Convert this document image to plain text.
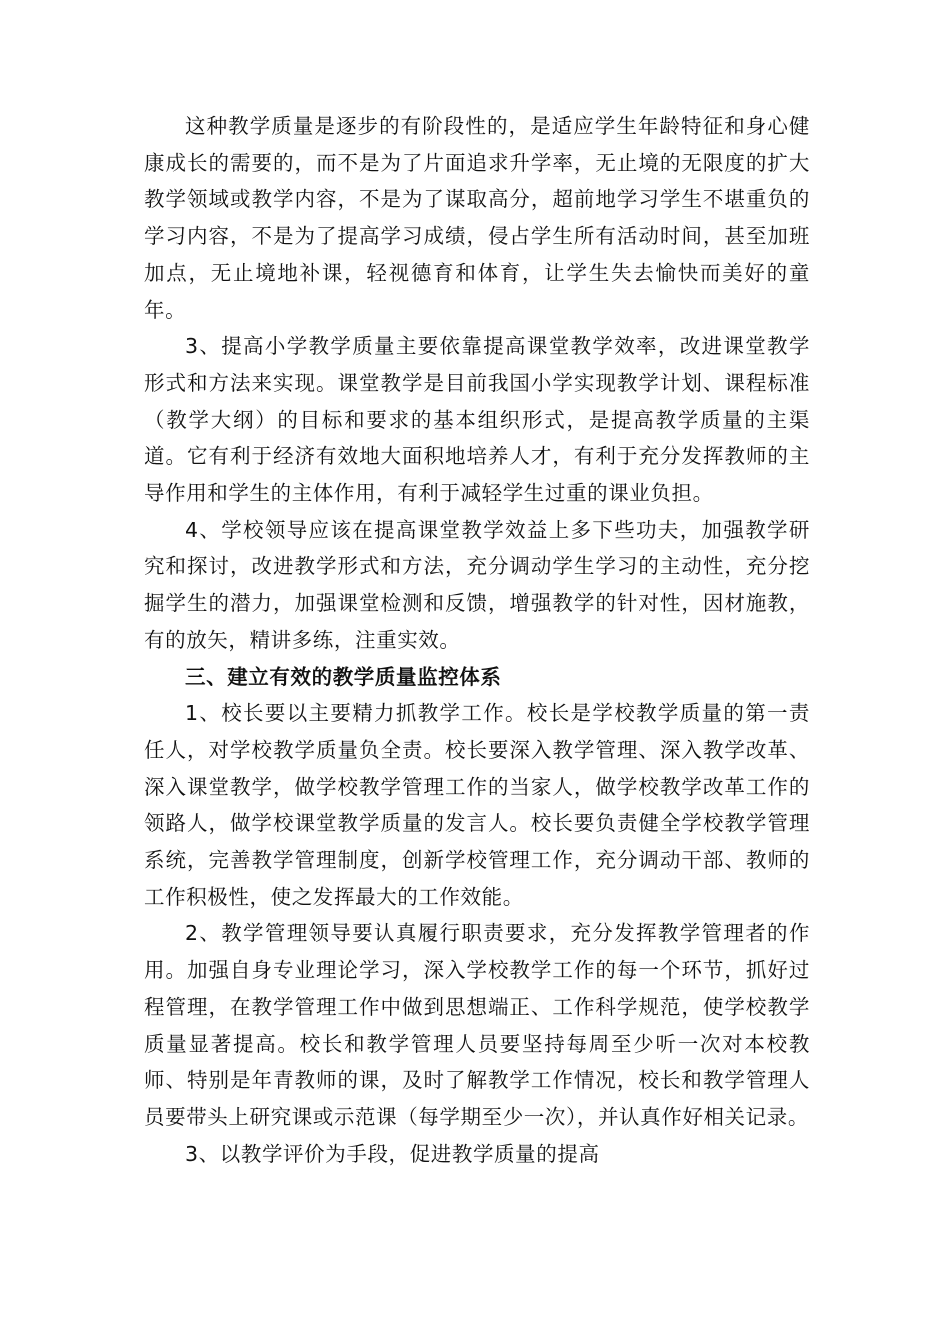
这种教学质量是逐步的有阶段性的，是适应学生年龄特征和身心健康成长的需要的，而不是为了片面追求升学率，无止境的无限度的扩大教学领域或教学内容，不是为了谋取高分，超前地学习学生不堪重负的学习内容，不是为了提高学习成绩，侵占学生所有活动时间，甚至加班加点，无止境地补课，轻视德育和体育，让学生失去愉快而美好的童年。

3、提高小学教学质量主要依靠提高课堂教学效率，改进课堂教学形式和方法来实现。课堂教学是目前我国小学实现教学计划、课程标准（教学大纲）的目标和要求的基本组织形式，是提高教学质量的主渠道。它有利于经济有效地大面积地培养人才，有利于充分发挥教师的主导作用和学生的主体作用，有利于减轻学生过重的课业负担。

4、学校领导应该在提高课堂教学效益上多下些功夫，加强教学研究和探讨，改进教学形式和方法，充分调动学生学习的主动性，充分挖掘学生的潜力，加强课堂检测和反馈，增强教学的针对性，因材施教，有的放矢，精讲多练，注重实效。

三、建立有效的教学质量监控体系

1、校长要以主要精力抓教学工作。校长是学校教学质量的第一责任人，对学校教学质量负全责。校长要深入教学管理、深入教学改革、深入课堂教学，做学校教学管理工作的当家人，做学校教学改革工作的领路人，做学校课堂教学质量的发言人。校长要负责健全学校教学管理系统，完善教学管理制度，创新学校管理工作，充分调动干部、教师的工作积极性，使之发挥最大的工作效能。

2、教学管理领导要认真履行职责要求，充分发挥教学管理者的作用。加强自身专业理论学习，深入学校教学工作的每一个环节，抓好过程管理，在教学管理工作中做到思想端正、工作科学规范，使学校教学质量显著提高。校长和教学管理人员要坚持每周至少听一次对本校教师、特别是年青教师的课，及时了解教学工作情况，校长和教学管理人员要带头上研究课或示范课（每学期至少一次），并认真作好相关记录。

3、以教学评价为手段，促进教学质量的提高
